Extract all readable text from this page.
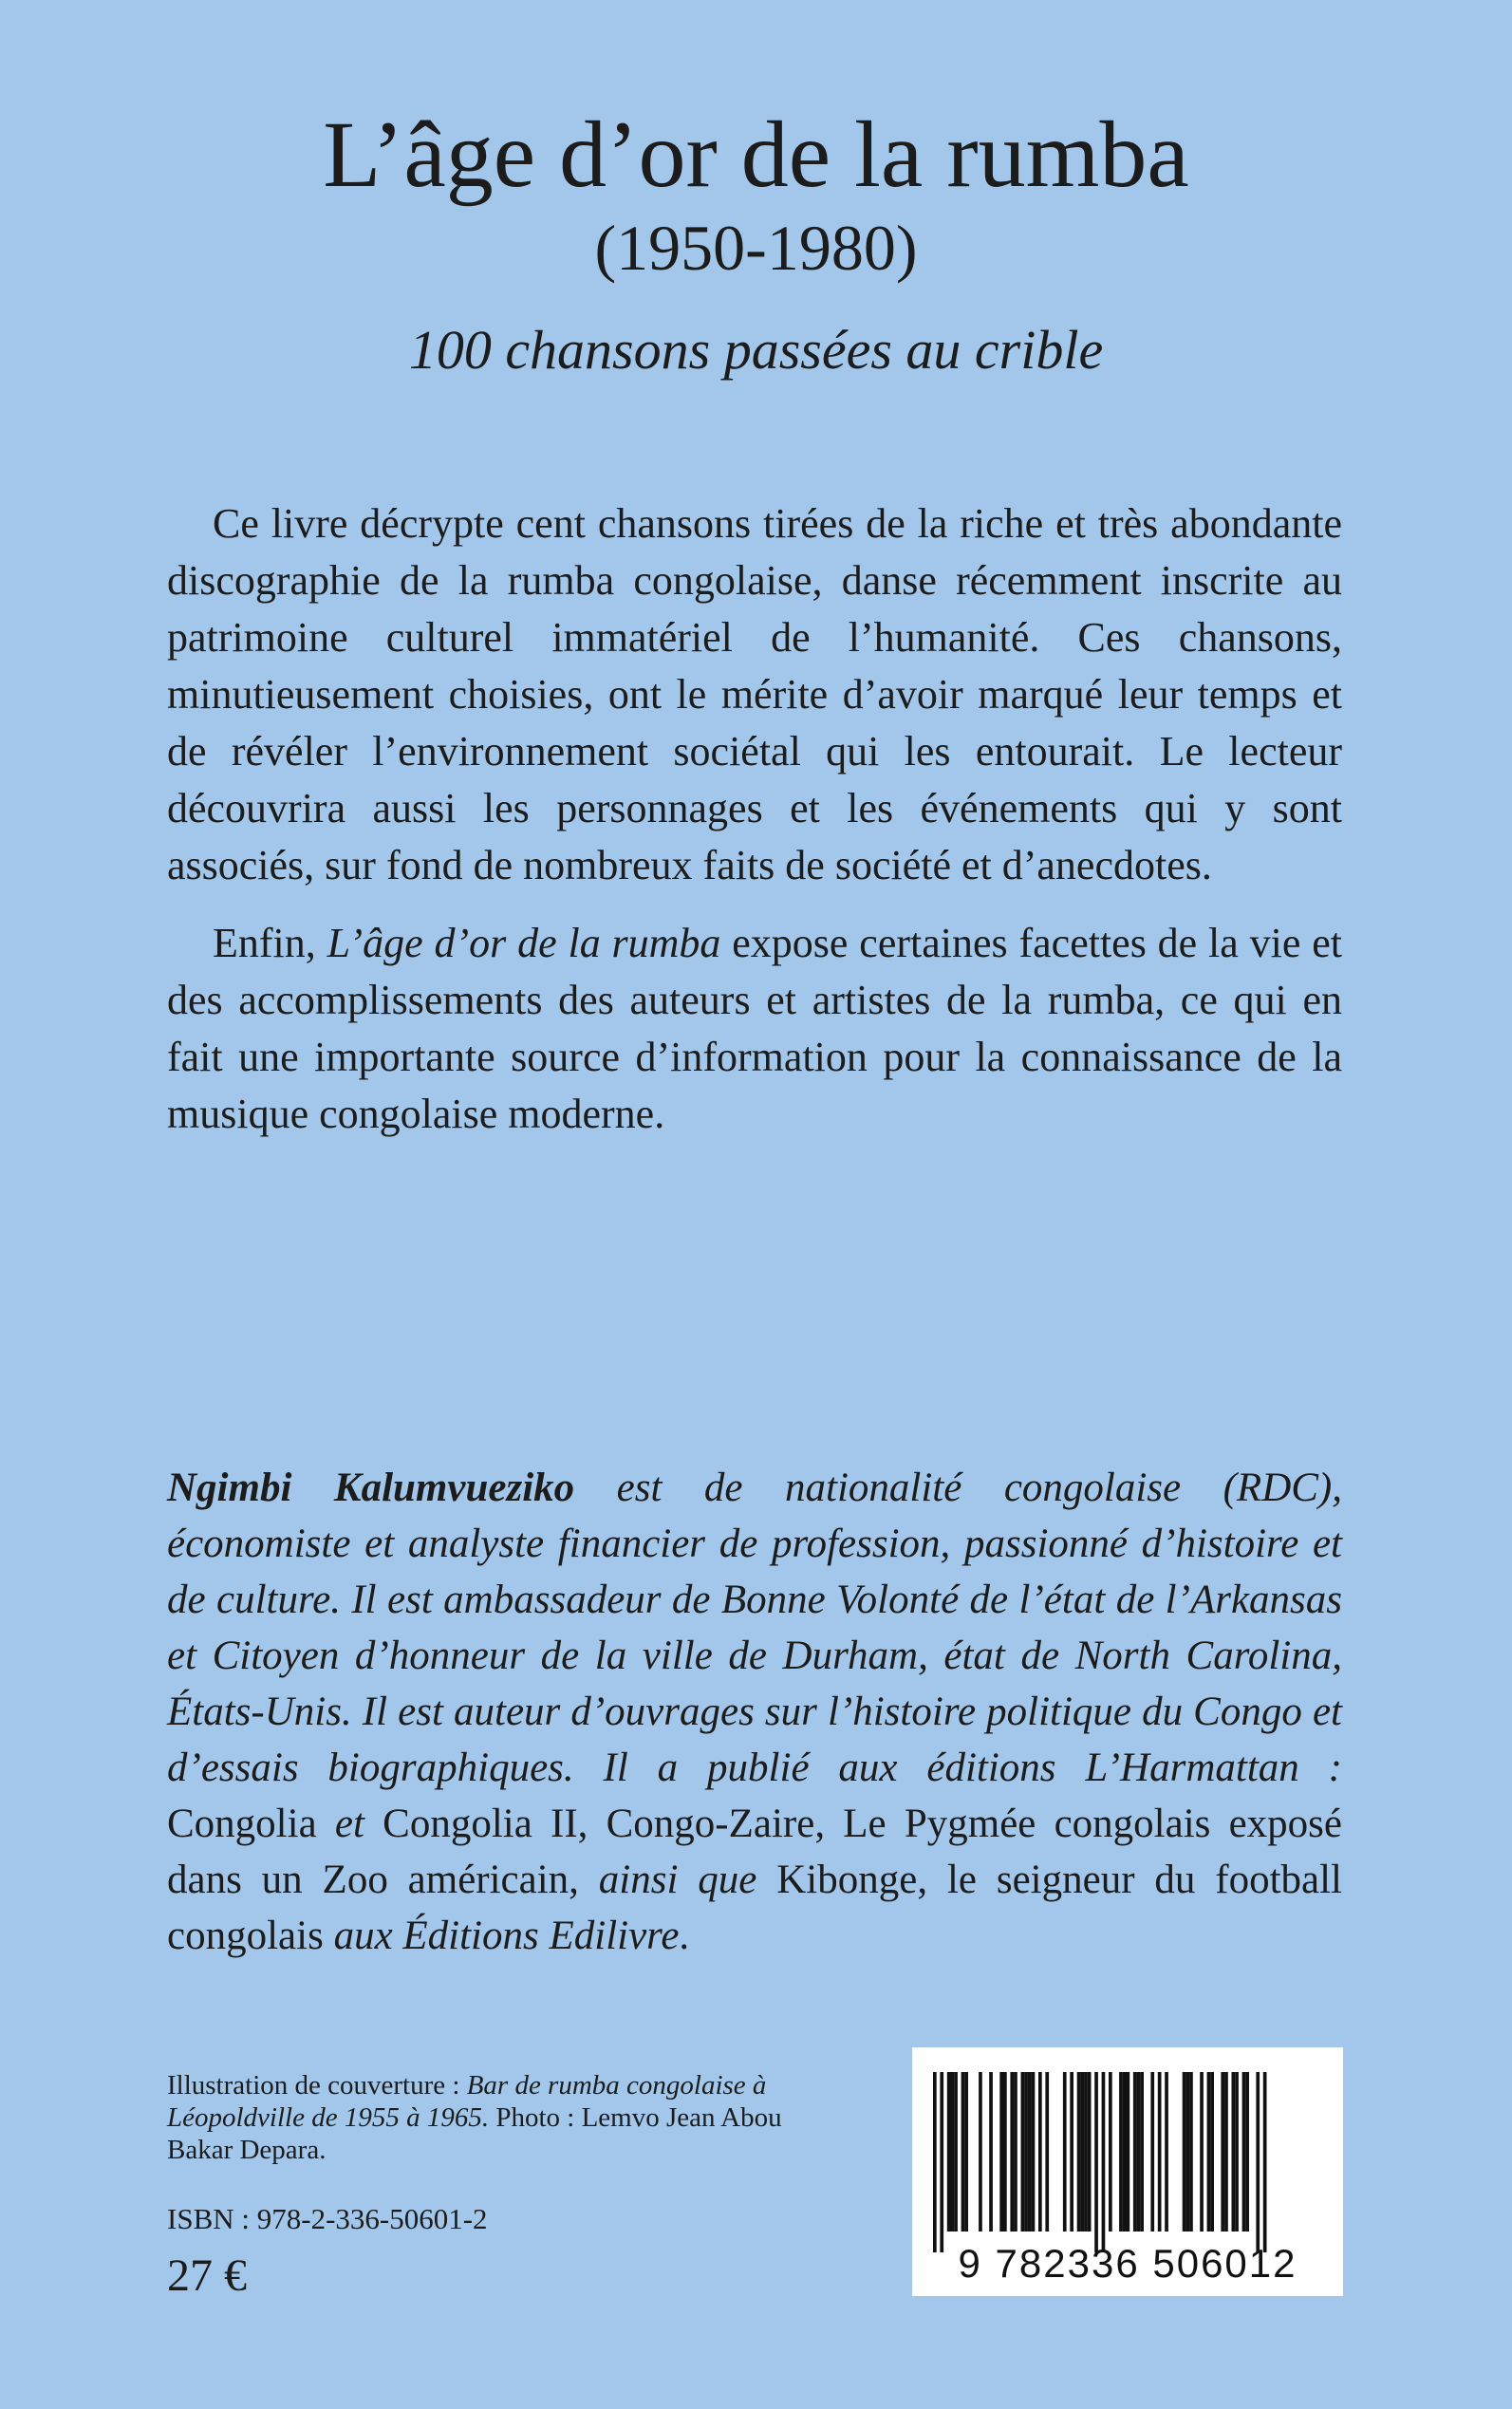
L’âge d’or de la rumba
(1950-1980)
100 chansons passées au crible

Ce livre décrypte cent chansons tirées de la riche et très abondante discographie de la rumba congolaise, danse récemment inscrite au patrimoine culturel immatériel de l’humanité. Ces chansons, minutieusement choisies, ont le mérite d’avoir marqué leur temps et de révéler l’environnement sociétal qui les entourait. Le lecteur découvrira aussi les personnages et les événements qui y sont associés, sur fond de nombreux faits de société et d’anecdotes.

Enfin, L’âge d’or de la rumba expose certaines facettes de la vie et des accomplissements des auteurs et artistes de la rumba, ce qui en fait une importante source d’information pour la connaissance de la musique congolaise moderne.

Ngimbi Kalumvueziko est de nationalité congolaise (RDC), économiste et analyste financier de profession, passionné d’histoire et de culture. Il est ambassadeur de Bonne Volonté de l’état de l’Arkansas et Citoyen d’honneur de la ville de Durham, état de North Carolina, États-Unis. Il est auteur d’ouvrages sur l’histoire politique du Congo et d’essais biographiques. Il a publié aux éditions L’Harmattan : Congolia et Congolia II, Congo-Zaire, Le Pygmée congolais exposé dans un Zoo américain, ainsi que Kibonge, le seigneur du football congolais aux Éditions Edilivre.
Illustration de couverture : Bar de rumba congolaise à Léopoldville de 1955 à 1965. Photo : Lemvo Jean Abou Bakar Depara.
ISBN : 978-2-336-50601-2
27 €	9 782336 506012
